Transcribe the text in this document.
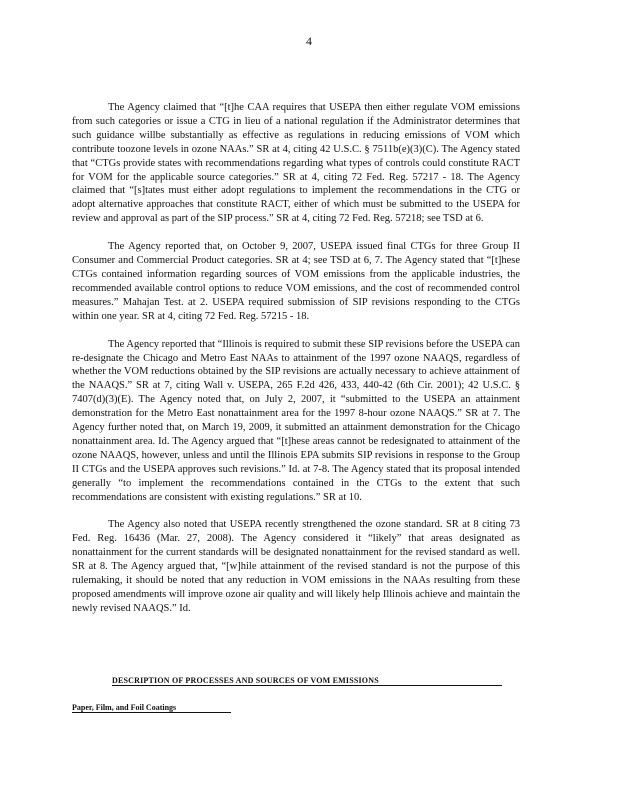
4

The Agency claimed that “[t]he CAA requires that USEPA then either regulate VOM emissions from such categories or issue a CTG in lieu of a national regulation if the Administrator determines that such guidance willbe substantially as effective as regulations in reducing emissions of VOM which contribute toozone levels in ozone NAAs.” SR at 4, citing 42 U.S.C. § 7511b(e)(3)(C). The Agency stated that “CTGs provide states with recommendations regarding what types of controls could constitute RACT for VOM for the applicable source categories.” SR at 4, citing 72 Fed. Reg. 57217 - 18. The Agency claimed that “[s]tates must either adopt regulations to implement the recommendations in the CTG or adopt alternative approaches that constitute RACT, either of which must be submitted to the USEPA for review and approval as part of the SIP process.” SR at 4, citing 72 Fed. Reg. 57218; see TSD at 6.

The Agency reported that, on October 9, 2007, USEPA issued final CTGs for three Group II Consumer and Commercial Product categories. SR at 4; see TSD at 6, 7. The Agency stated that “[t]hese CTGs contained information regarding sources of VOM emissions from the applicable industries, the recommended available control options to reduce VOM emissions, and the cost of recommended control measures.” Mahajan Test. at 2. USEPA required submission of SIP revisions responding to the CTGs within one year. SR at 4, citing 72 Fed. Reg. 57215 - 18.

The Agency reported that “Illinois is required to submit these SIP revisions before the USEPA can re-designate the Chicago and Metro East NAAs to attainment of the 1997 ozone NAAQS, regardless of whether the VOM reductions obtained by the SIP revisions are actually necessary to achieve attainment of the NAAQS.” SR at 7, citing Wall v. USEPA, 265 F.2d 426, 433, 440-42 (6th Cir. 2001); 42 U.S.C. § 7407(d)(3)(E). The Agency noted that, on July 2, 2007, it “submitted to the USEPA an attainment demonstration for the Metro East nonattainment area for the 1997 8-hour ozone NAAQS.” SR at 7. The Agency further noted that, on March 19, 2009, it submitted an attainment demonstration for the Chicago nonattainment area. Id. The Agency argued that “[t]hese areas cannot be redesignated to attainment of the ozone NAAQS, however, unless and until the Illinois EPA submits SIP revisions in response to the Group II CTGs and the USEPA approves such revisions.” Id. at 7-8. The Agency stated that its proposal intended generally “to implement the recommendations contained in the CTGs to the extent that such recommendations are consistent with existing regulations.” SR at 10.

The Agency also noted that USEPA recently strengthened the ozone standard. SR at 8 citing 73 Fed. Reg. 16436 (Mar. 27, 2008). The Agency considered it “likely” that areas designated as nonattainment for the current standards will be designated nonattainment for the revised standard as well. SR at 8. The Agency argued that, “[w]hile attainment of the revised standard is not the purpose of this rulemaking, it should be noted that any reduction in VOM emissions in the NAAs resulting from these proposed amendments will improve ozone air quality and will likely help Illinois achieve and maintain the newly revised NAAQS.” Id.

DESCRIPTION OF PROCESSES AND SOURCES OF VOM EMISSIONS
Paper, Film, and Foil Coatings
